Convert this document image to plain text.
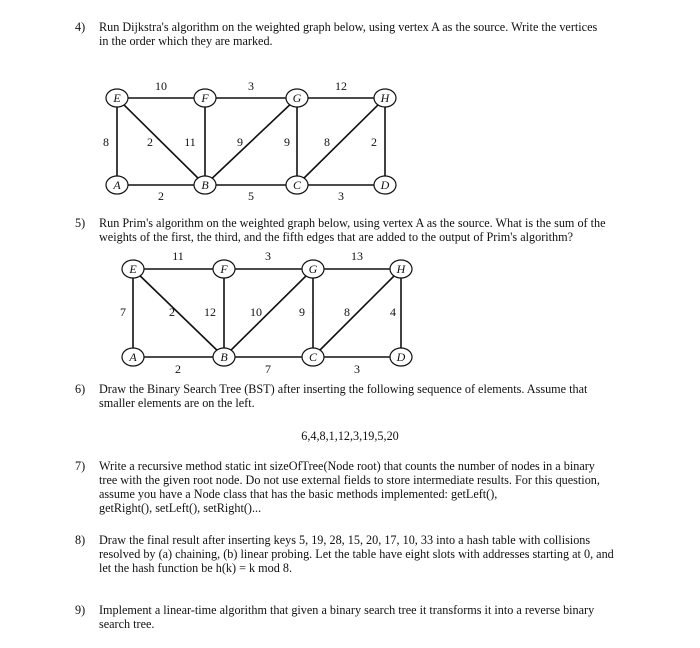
4) Run Dijkstra's algorithm on the weighted graph below, using vertex A as the source. Write the vertices
in the order which they are marked.
E	F	G	H
A	B	C	D
10	3	12
8	2	11	9	9	8	2
2	5	3
5) Run Prim's algorithm on the weighted graph below, using vertex A as the source. What is the sum of the
weights of the first, the third, and the fifth edges that are added to the output of Prim's algorithm?
E	F	G	H
A	B	C	D
11	3	13
7	2 12	10	9	8	4
2	7	3
6) Draw the Binary Search Tree (BST) after inserting the following sequence of elements. Assume that
smaller elements are on the left.
6,4,8,1,12,3,19,5,20
7) Write a recursive method static int sizeOfTree(Node root) that counts the number of nodes in a binary
tree with the given root node. Do not use external fields to store intermediate results. For this question,
assume you have a Node class that has the basic methods implemented: getLeft(),
getRight(), setLeft(), setRight()...
8) Draw the final result after inserting keys 5, 19, 28, 15, 20, 17, 10, 33 into a hash table with collisions
resolved by (a) chaining, (b) linear probing. Let the table have eight slots with addresses starting at 0, and
let the hash function be h(k) = k mod 8.
9) Implement a linear-time algorithm that given a binary search tree it transforms it into a reverse binary
search tree.
